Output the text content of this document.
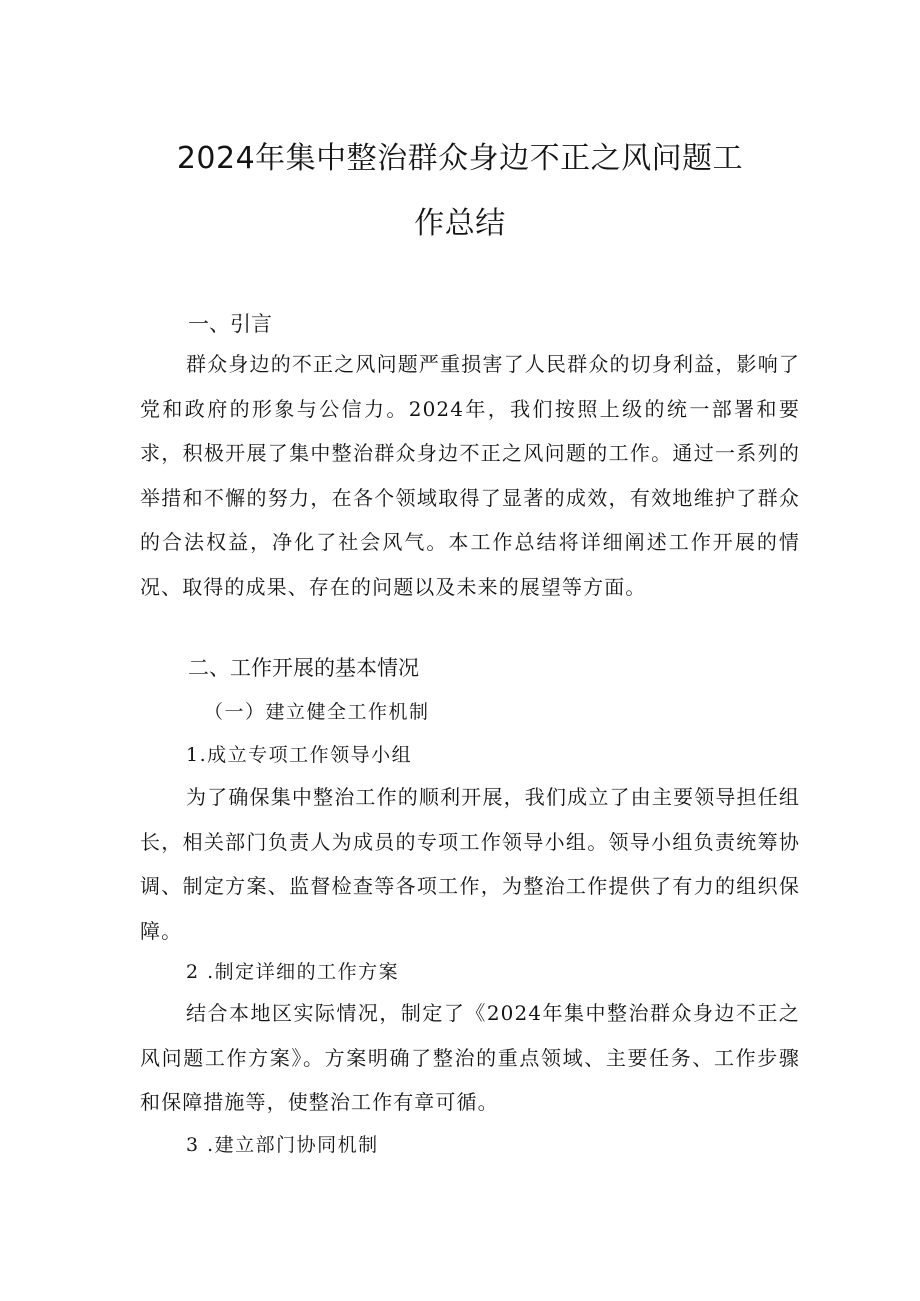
2024年集中整治群众身边不正之风问题工
作总结
一、引言

群众身边的不正之风问题严重损害了人民群众的切身利益，影响了党和政府的形象与公信力。2024年，我们按照上级的统一部署和要求，积极开展了集中整治群众身边不正之风问题的工作。通过一系列的举措和不懈的努力，在各个领域取得了显著的成效，有效地维护了群众的合法权益，净化了社会风气。本工作总结将详细阐述工作开展的情况、取得的成果、存在的问题以及未来的展望等方面。

二、工作开展的基本情况
（一）建立健全工作机制
1.成立专项工作领导小组

为了确保集中整治工作的顺利开展，我们成立了由主要领导担任组长，相关部门负责人为成员的专项工作领导小组。领导小组负责统筹协调、制定方案、监督检查等各项工作，为整治工作提供了有力的组织保障。

2 .制定详细的工作方案

结合本地区实际情况，制定了《2024年集中整治群众身边不正之风问题工作方案》。方案明确了整治的重点领域、主要任务、工作步骤和保障措施等，使整治工作有章可循。

3 .建立部门协同机制
